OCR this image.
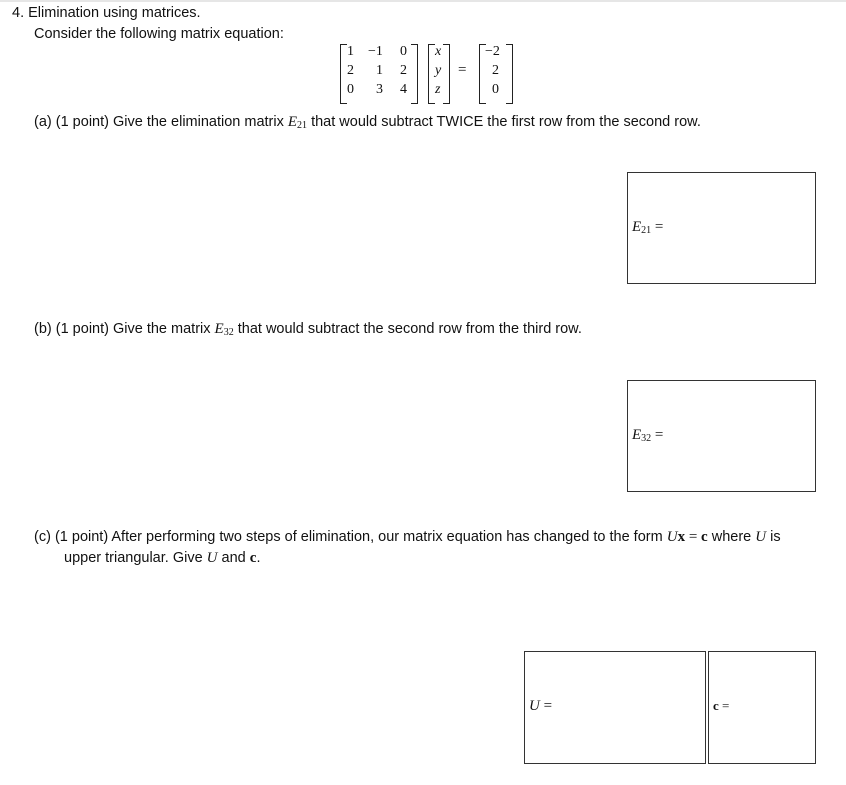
4. Elimination using matrices.
Consider the following matrix equation:
1 −1 0
2 1 2
0 3 4
x
y
z
=
−2
2
0
(a) (1 point) Give the elimination matrix $E_{21}$ that would subtract TWICE the first row from the second row.
$E_{21}$ =
(b) (1 point) Give the matrix $E_{32}$ that would subtract the second row from the third row.
$E_{32}$ =
(c) (1 point) After performing two steps of elimination, our matrix equation has changed to the form Ux = c where U is
upper triangular. Give U and c.
U =	c =
